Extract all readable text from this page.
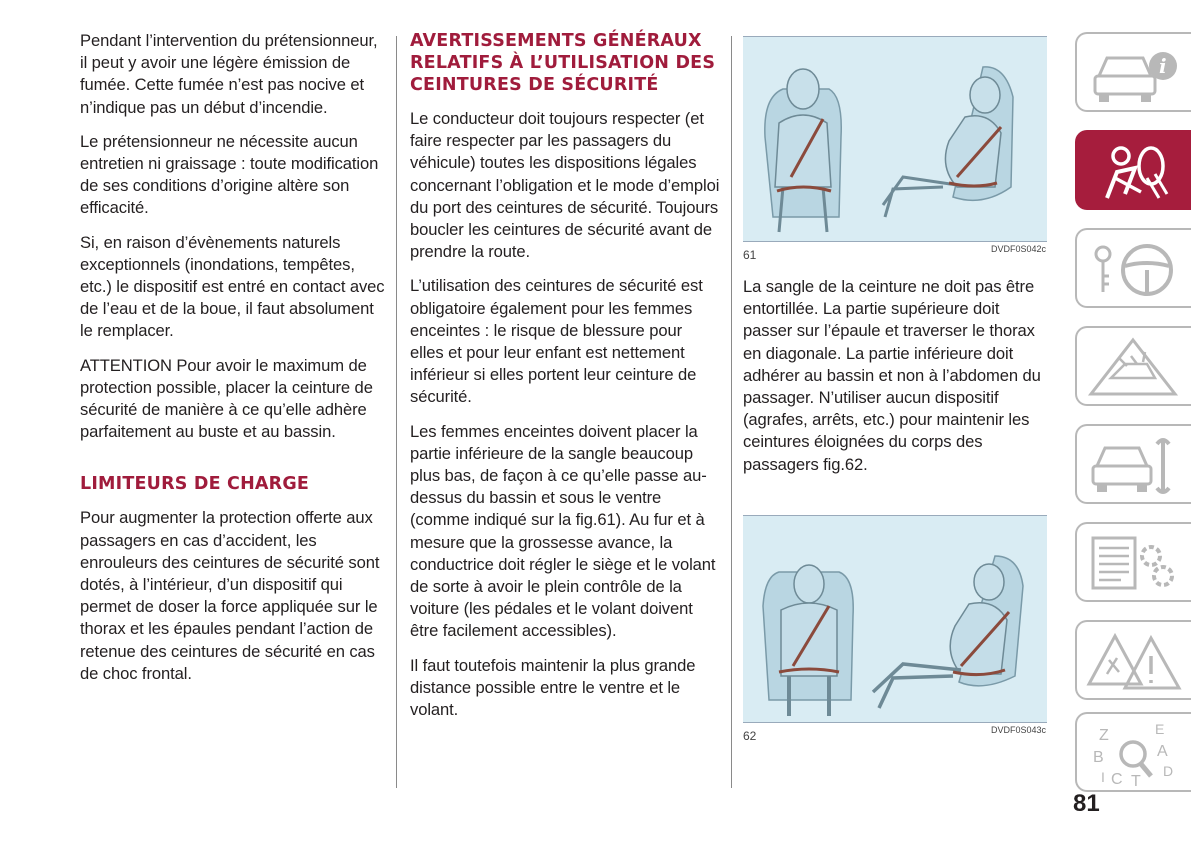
Pendant l’intervention du prétensionneur, il peut y avoir une légère émission de fumée. Cette fumée n’est pas nocive et n’indique pas un début d’incendie.

Le prétensionneur ne nécessite aucun entretien ni graissage : toute modification de ses conditions d’origine altère son efficacité.

Si, en raison d’évènements naturels exceptionnels (inondations, tempêtes, etc.) le dispositif est entré en contact avec de l’eau et de la boue, il faut absolument le remplacer.

ATTENTION Pour avoir le maximum de protection possible, placer la ceinture de sécurité de manière à ce qu’elle adhère parfaitement au buste et au bassin.

LIMITEURS DE CHARGE

Pour augmenter la protection offerte aux passagers en cas d’accident, les enrouleurs des ceintures de sécurité sont dotés, à l’intérieur, d’un dispositif qui permet de doser la force appliquée sur le thorax et les épaules pendant l’action de retenue des ceintures de sécurité en cas de choc frontal.

AVERTISSEMENTS GÉNÉRAUX RELATIFS À L’UTILISATION DES CEINTURES DE SÉCURITÉ

Le conducteur doit toujours respecter (et faire respecter par les passagers du véhicule) toutes les dispositions légales concernant l’obligation et le mode d’emploi du port des ceintures de sécurité. Toujours boucler les ceintures de sécurité avant de prendre la route.

L’utilisation des ceintures de sécurité est obligatoire également pour les femmes enceintes : le risque de blessure pour elles et pour leur enfant est nettement inférieur si elles portent leur ceinture de sécurité.

Les femmes enceintes doivent placer la partie inférieure de la sangle beaucoup plus bas, de façon à ce qu’elle passe au-dessus du bassin et sous le ventre (comme indiqué sur la fig.61). Au fur et à mesure que la grossesse avance, la conductrice doit régler le siège et le volant de sorte à avoir le plein contrôle de la voiture (les pédales et le volant doivent être facilement accessibles).

Il faut toutefois maintenir la plus grande distance possible entre le ventre et le volant.

61	DVDF0S042c

La sangle de la ceinture ne doit pas être entortillée. La partie supérieure doit passer sur l’épaule et traverser le thorax en diagonale. La partie inférieure doit adhérer au bassin et non à l’abdomen du passager. N’utiliser aucun dispositif (agrafes, arrêts, etc.) pour maintenir les ceintures éloignées du corps des passagers fig.62.

62	DVDF0S043c
i
Z	E
B	A
I C T
D
81
